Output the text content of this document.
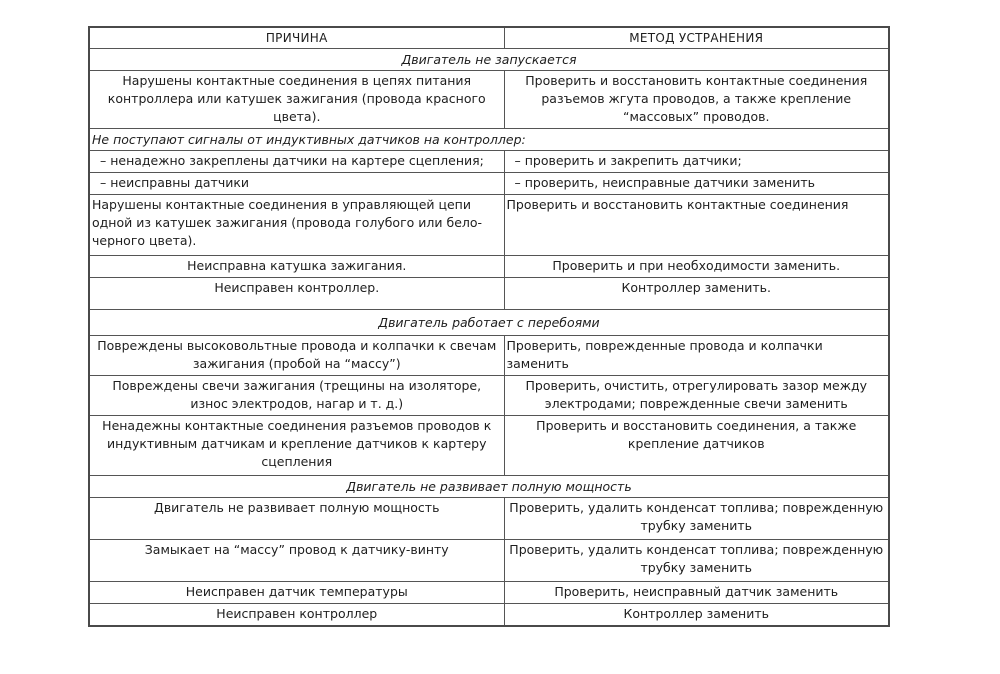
ПРИЧИНА	МЕТОД УСТРАНЕНИЯ
Двигатель не запускается	
Нарушены контактные соединения в цепях питания контроллера или катушек зажигания (провода красного цвета).	Проверить и восстановить контактные соединения разъемов жгута проводов, а также крепление “массовых” проводов.
Не поступают сигналы от индуктивных датчиков на контроллер:	
– ненадежно закреплены датчики на картере сцепления;	– проверить и закрепить датчики;
– неисправны датчики	– проверить, неисправные датчики заменить
Нарушены контактные соединения в управляющей цепи одной из катушек зажигания (провода голубого или бело-черного цвета).	Проверить и восстановить контактные соединения
Неисправна катушка зажигания.	Проверить и при необходимости заменить.
Неисправен контроллер.	Контроллер заменить.
Двигатель работает с перебоями	
Повреждены высоковольтные провода и колпачки к свечам зажигания (пробой на “массу”)	Проверить, поврежденные провода и колпачки заменить
Повреждены свечи зажигания (трещины на изоляторе, износ электродов, нагар и т. д.)	Проверить, очистить, отрегулировать зазор между электродами; поврежденные свечи заменить
Ненадежны контактные соединения разъемов проводов к индуктивным датчикам и крепление датчиков к картеру сцепления	Проверить и восстановить соединения, а также крепление датчиков
Двигатель не развивает полную мощность	
Двигатель не развивает полную мощность	Проверить, удалить конденсат топлива; поврежденную трубку заменить
Замыкает на “массу” провод к датчику-винту	Проверить, удалить конденсат топлива; поврежденную трубку заменить
Неисправен датчик температуры	Проверить, неисправный датчик заменить
Неисправен контроллер	Контроллер заменить
